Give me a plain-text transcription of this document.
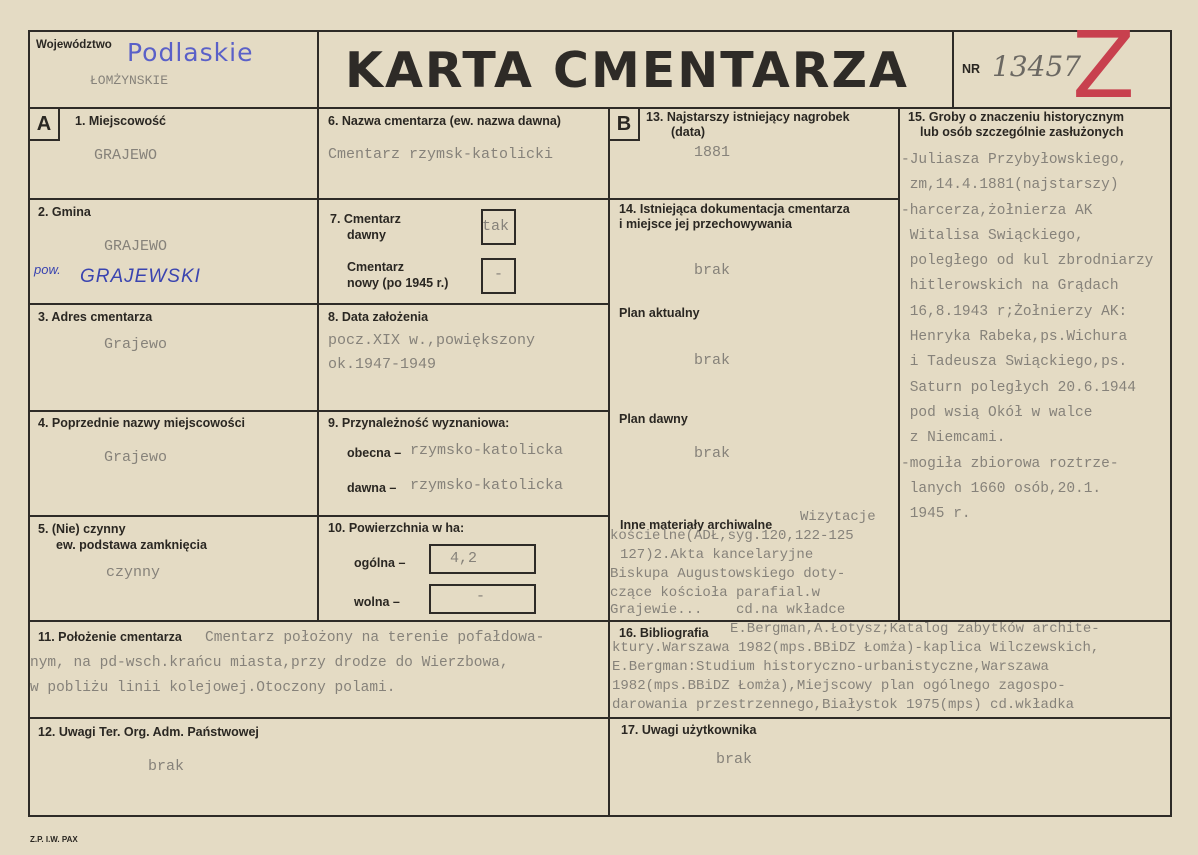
Województwo Podlaskie
ŁOMŻYNSKIE	KARTA CMENTARZA	NR 13457
Z
A	1. Miejscowość
GRAJEWO
2. Gmina
GRAJEWO
pow. GRAJEWSKI
3. Adres cmentarza
Grajewo
4. Poprzednie nazwy miejscowości
Grajewo
5. (Nie) czynny
ew. podstawa zamknięcia
czynny
6. Nazwa cmentarza (ew. nazwa dawna)
Cmentarz rzymsk-katolicki
7. Cmentarz
dawny	tak
Cmentarz
nowy (po 1945 r.)	-
8. Data założenia
pocz.XIX w.,powiększony
ok.1947-1949
9. Przynależność wyznaniowa:
obecna – rzymsko-katolicka
dawna – rzymsko-katolicka
10. Powierzchnia w ha:
ogólna –	4,2
wolna –	-
B	13. Najstarszy istniejący nagrobek
(data)
1881
14. Istniejąca dokumentacja cmentarza
i miejsce jej przechowywania
brak
Plan aktualny
brak
Plan dawny
brak
Inne materiały archiwalne Wizytacje
kościelne(ADŁ,syg.120,122-125
127)2.Akta kancelaryjne
Biskupa Augustowskiego doty-
czące kościoła parafial.w
Grajewie...    cd.na wkładce
15. Groby o znaczeniu historycznym
lub osób szczególnie zasłużonych
-Juliasza Przybyłowskiego,
zm,14.4.1881(najstarszy)
-harcerza,żołnierza AK
Witalisa Swiąckiego,
poległego od kul zbrodniarzy
hitlerowskich na Grądach
16,8.1943 r;Żołnierzy AK:
Henryka Rabeka,ps.Wichura
i Tadeusza Swiąckiego,ps.
Saturn poległych 20.6.1944
pod wsią Okół w walce
z Niemcami.
-mogiła zbiorowa roztrze-
lanych 1660 osób,20.1.
1945 r.
11. Położenie cmentarza Cmentarz położony na terenie pofałdowa-
nym, na pd-wsch.krańcu miasta,przy drodze do Wierzbowa,
w pobliżu linii kolejowej.Otoczony polami.
16. Bibliografia E.Bergman,A.Łotysz;Katalog zabytków archite-
ktury.Warszawa 1982(mps.BBiDZ Łomża)-kaplica Wilczewskich,
E.Bergman:Studium historyczno-urbanistyczne,Warszawa
1982(mps.BBiDZ Łomża),Miejscowy plan ogólnego zagospo-
darowania przestrzennego,Białystok 1975(mps) cd.wkładka
12. Uwagi Ter. Org. Adm. Państwowej
brak
17. Uwagi użytkownika
brak
Z.P. I.W. PAX
